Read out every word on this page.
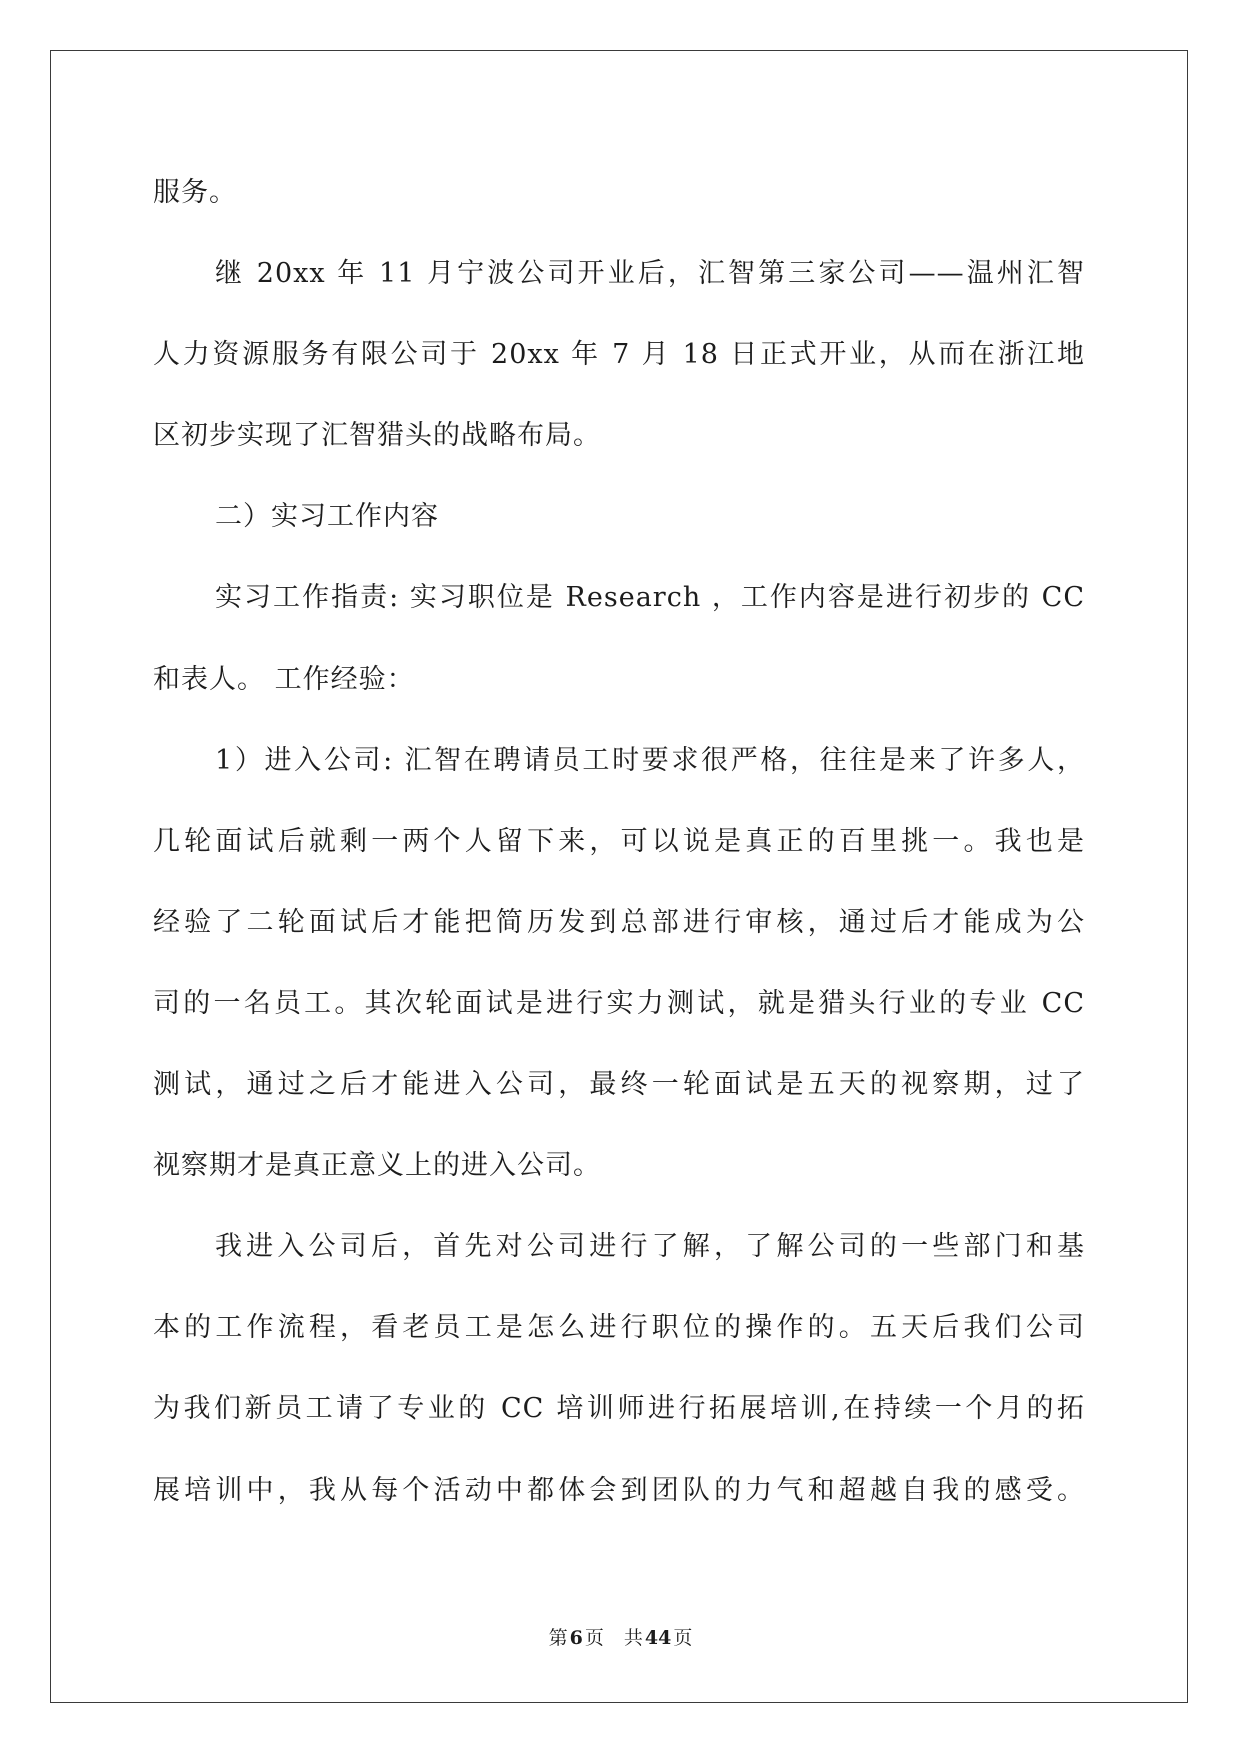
服务。
继 20xx 年 11 月宁波公司开业后，汇智第三家公司——温州汇智
人力资源服务有限公司于 20xx 年 7 月 18 日正式开业，从而在浙江地
区初步实现了汇智猎头的战略布局。
二）实习工作内容
实习工作指责: 实习职位是 Research ，工作内容是进行初步的 CC
和表人。 工作经验：
1）进入公司: 汇智在聘请员工时要求很严格，往往是来了许多人，
几轮面试后就剩一两个人留下来，可以说是真正的百里挑一。我也是
经验了二轮面试后才能把简历发到总部进行审核，通过后才能成为公
司的一名员工。其次轮面试是进行实力测试，就是猎头行业的专业 CC
测试，通过之后才能进入公司，最终一轮面试是五天的视察期，过了
视察期才是真正意义上的进入公司。
我进入公司后，首先对公司进行了解，了解公司的一些部门和基
本的工作流程，看老员工是怎么进行职位的操作的。五天后我们公司
为我们新员工请了专业的 CC 培训师进行拓展培训,在持续一个月的拓
展培训中，我从每个活动中都体会到团队的力气和超越自我的感受。
第 6 页 共 44 页
